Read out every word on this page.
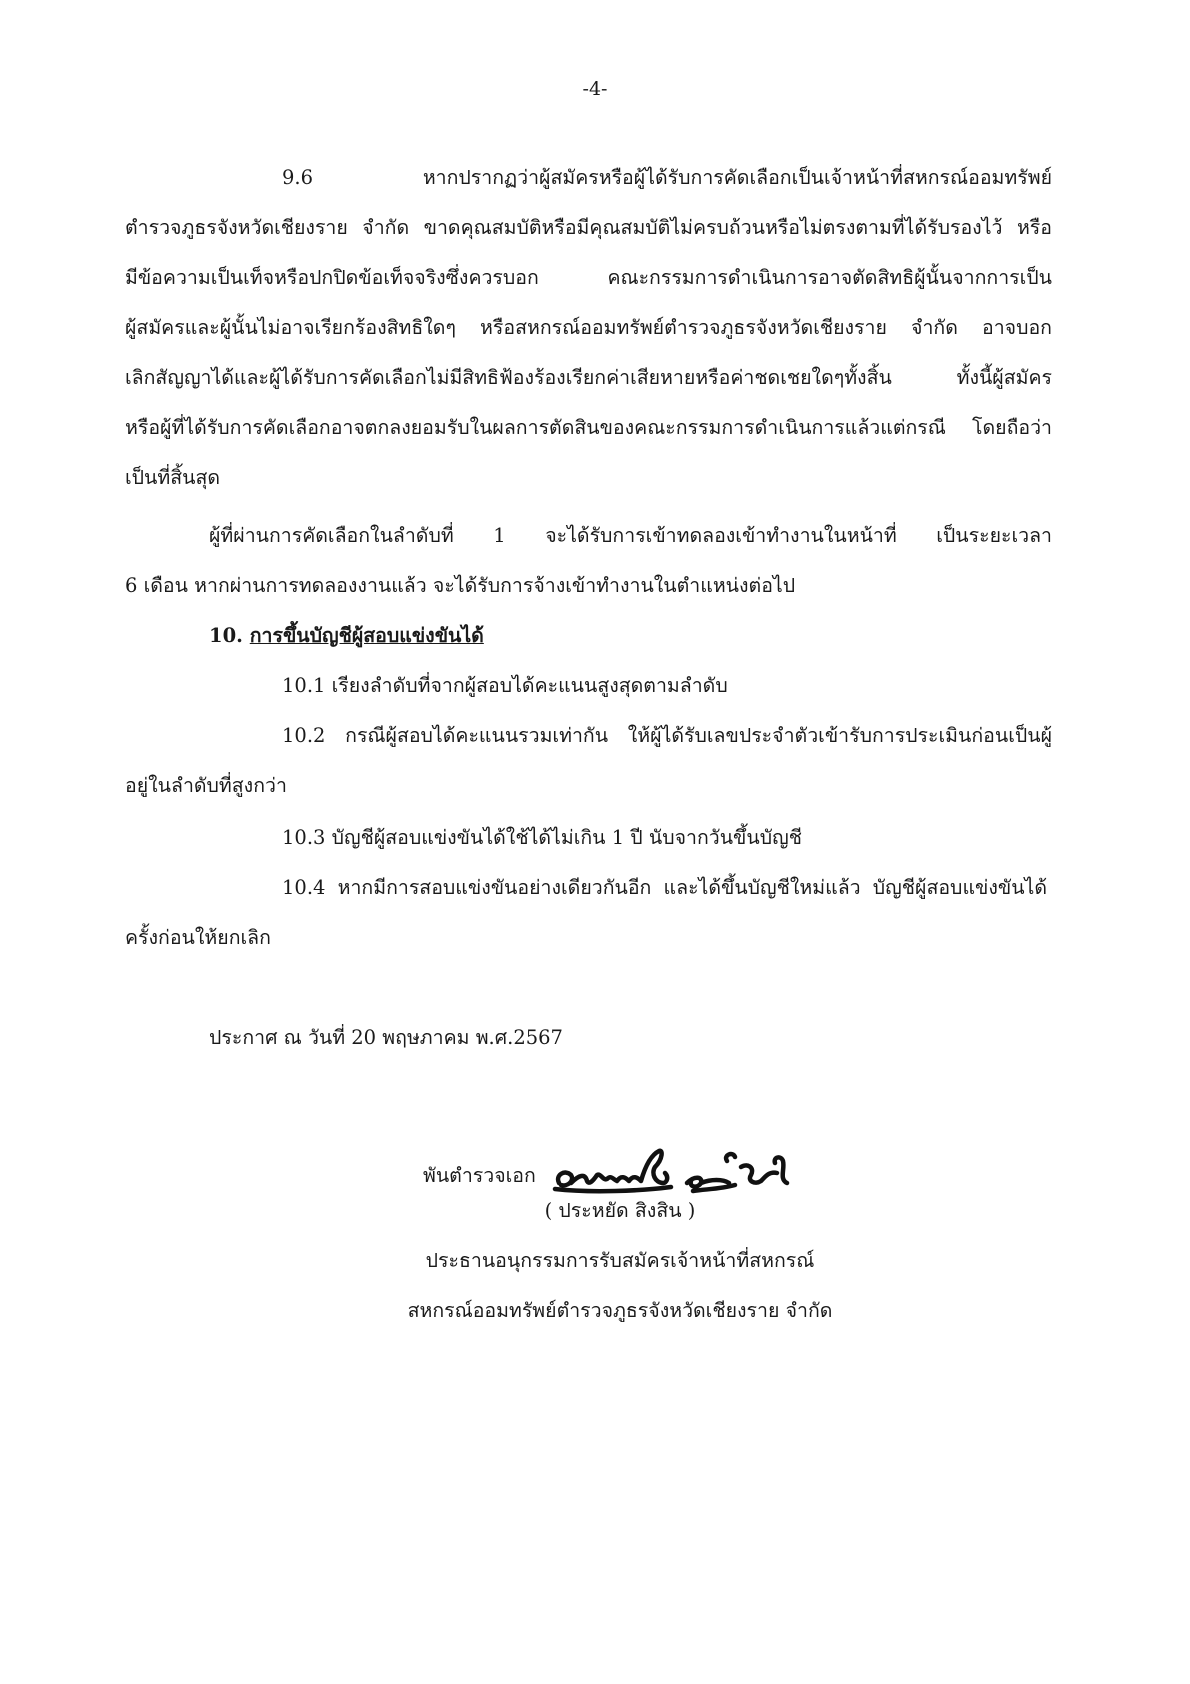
-4-
9.6 หากปรากฏว่าผู้สมัครหรือผู้ได้รับการคัดเลือกเป็นเจ้าหน้าที่สหกรณ์ออมทรัพย์
ตำรวจภูธรจังหวัดเชียงราย จำกัด ขาดคุณสมบัติหรือมีคุณสมบัติไม่ครบถ้วนหรือไม่ตรงตามที่ได้รับรองไว้ หรือ
มีข้อความเป็นเท็จหรือปกปิดข้อเท็จจริงซึ่งควรบอก คณะกรรมการดำเนินการอาจตัดสิทธิผู้นั้นจากการเป็น
ผู้สมัครและผู้นั้นไม่อาจเรียกร้องสิทธิใดๆ หรือสหกรณ์ออมทรัพย์ตำรวจภูธรจังหวัดเชียงราย จำกัด อาจบอก
เลิกสัญญาได้และผู้ได้รับการคัดเลือกไม่มีสิทธิฟ้องร้องเรียกค่าเสียหายหรือค่าชดเชยใดๆทั้งสิ้น ทั้งนี้ผู้สมัคร
หรือผู้ที่ได้รับการคัดเลือกอาจตกลงยอมรับในผลการตัดสินของคณะกรรมการดำเนินการแล้วแต่กรณี โดยถือว่า
เป็นที่สิ้นสุด
ผู้ที่ผ่านการคัดเลือกในลำดับที่ 1 จะได้รับการเข้าทดลองเข้าทำงานในหน้าที่ เป็นระยะเวลา
6 เดือน หากผ่านการทดลองงานแล้ว จะได้รับการจ้างเข้าทำงานในตำแหน่งต่อไป
10. การขึ้นบัญชีผู้สอบแข่งขันได้
10.1 เรียงลำดับที่จากผู้สอบได้คะแนนสูงสุดตามลำดับ
10.2 กรณีผู้สอบได้คะแนนรวมเท่ากัน ให้ผู้ได้รับเลขประจำตัวเข้ารับการประเมินก่อนเป็นผู้
อยู่ในลำดับที่สูงกว่า
10.3 บัญชีผู้สอบแข่งขันได้ใช้ได้ไม่เกิน 1 ปี นับจากวันขึ้นบัญชี
10.4 หากมีการสอบแข่งขันอย่างเดียวกันอีก และได้ขึ้นบัญชีใหม่แล้ว บัญชีผู้สอบแข่งขันได้
ครั้งก่อนให้ยกเลิก
ประกาศ ณ วันที่ 20 พฤษภาคม พ.ศ.2567
พันตำรวจเอก
( ประหยัด สิงสิน )
ประธานอนุกรรมการรับสมัครเจ้าหน้าที่สหกรณ์
สหกรณ์ออมทรัพย์ตำรวจภูธรจังหวัดเชียงราย จำกัด
